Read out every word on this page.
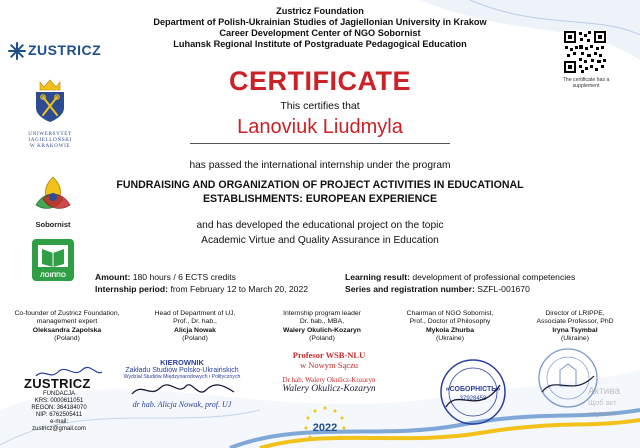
Zustricz Foundation
Department of Polish-Ukrainian Studies of Jagiellonian University in Krakow
Career Development Center of NGO Sobornist
Luhansk Regional Institute of Postgraduate Pedagogical Education
ZUSTRICZ
UNIWERSYTET
JAGIELLOŃSKI
W KRAKOWIE
Sobornist
ЛОІППО
The certificate has a supplement
CERTIFICATE
This certifies that
Lanoviuk Liudmyla
has passed the international internship under the program
FUNDRAISING AND ORGANIZATION OF PROJECT ACTIVITIES IN EDUCATIONAL
ESTABLISHMENTS: EUROPEAN EXPERIENCE
and has developed the educational project on the topic
Academic Virtue and Quality Assurance in Education
Amount: 180 hours / 6 ECTS credits
Internship period: from February 12 to March 20, 2022
Learning result: development of professional competencies
Series and registration number: SZFL-001670
Co-founder of Zustricz Foundation,
management expert
Oleksandra Zapolska
(Poland)
Head of Department of UJ,
Prof., Dr. hab.,
Alicja Nowak
(Poland)
Internship program leader
Dr. hab., MBA,
Walery Okulich-Kozaryn
(Poland)
Chairman of NGO Sobornist,
Prof., Doctor of Philosophy
Mykola Zhurba
(Ukraine)
Director of LRIPPE,
Associate Professor, PhD
Iryna Tsymbal
(Ukraine)
ZUSTRICZ
FUNDACJA
KRS: 0000611051
REGON: 364184070
NIP: 6762505411
e-mail: zustricz@gmail.com
KIEROWNIK
Zakładu Studiów Polsko-Ukraińskich
Wydział Studiów Międzynarodowych i Politycznych
dr hab. Alicja Nowak, prof. UJ
Profesor WSB-NLU
w Nowym Sączu
Dr hab. Walery Okulicz-Kozaryn
Walery Okulicz-Kozaryn	«СОБОРНІСТЬ»
37928458
2022
Актива
Щоб акт
ивувати
